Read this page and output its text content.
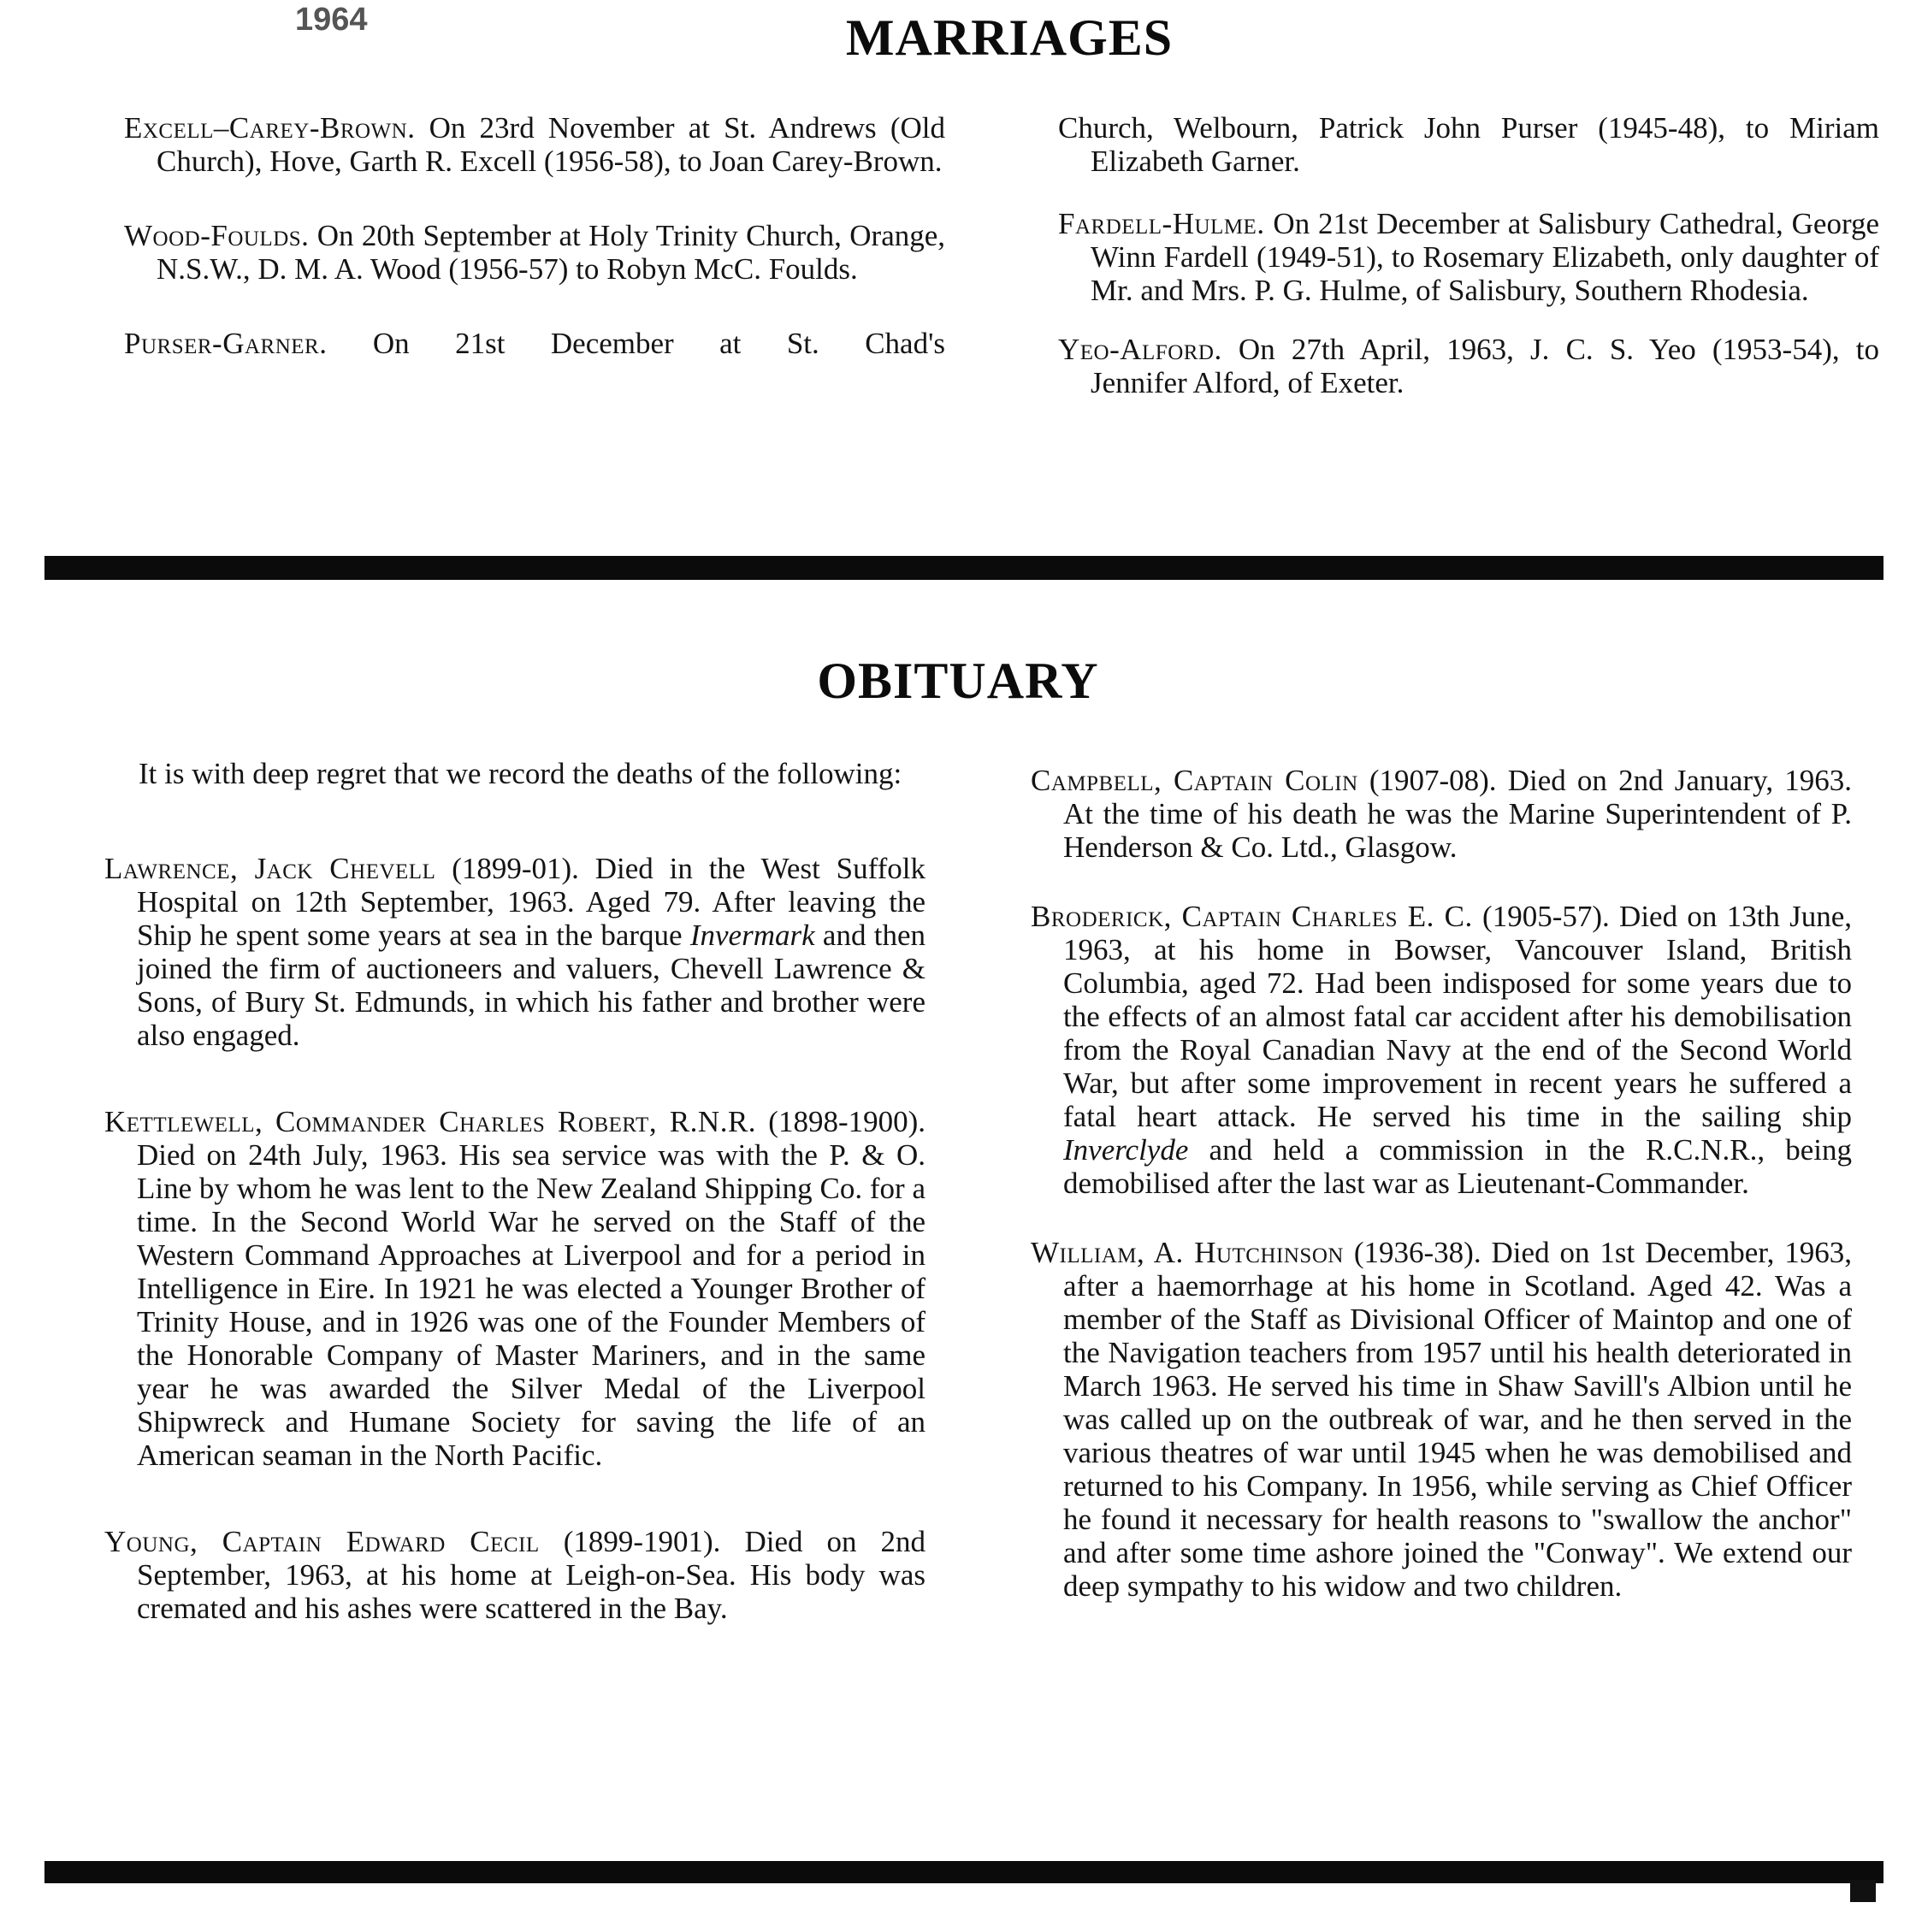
1964	MARRIAGES

Excell–Carey-Brown. On 23rd November at St. Andrews (Old Church), Hove, Garth R. Excell (1956-58), to Joan Carey-Brown.

Wood-Foulds. On 20th September at Holy Trinity Church, Orange, N.S.W., D. M. A. Wood (1956-57) to Robyn McC. Foulds.

Purser-Garner. On 21st December at St. Chad's

Church, Welbourn, Patrick John Purser (1945-48), to Miriam Elizabeth Garner.

Fardell-Hulme. On 21st December at Salisbury Cathedral, George Winn Fardell (1949-51), to Rosemary Elizabeth, only daughter of Mr. and Mrs. P. G. Hulme, of Salisbury, Southern Rhodesia.

Yeo-Alford. On 27th April, 1963, J. C. S. Yeo (1953-54), to Jennifer Alford, of Exeter.

OBITUARY

It is with deep regret that we record the deaths of the following:

Lawrence, Jack Chevell (1899-01). Died in the West Suffolk Hospital on 12th September, 1963. Aged 79. After leaving the Ship he spent some years at sea in the barque Invermark and then joined the firm of auctioneers and valuers, Chevell Lawrence & Sons, of Bury St. Edmunds, in which his father and brother were also engaged.

Kettlewell, Commander Charles Robert, R.N.R. (1898-1900). Died on 24th July, 1963. His sea service was with the P. & O. Line by whom he was lent to the New Zealand Shipping Co. for a time. In the Second World War he served on the Staff of the Western Command Approaches at Liverpool and for a period in Intelligence in Eire. In 1921 he was elected a Younger Brother of Trinity House, and in 1926 was one of the Founder Members of the Honorable Company of Master Mariners, and in the same year he was awarded the Silver Medal of the Liverpool Shipwreck and Humane Society for saving the life of an American seaman in the North Pacific.

Young, Captain Edward Cecil (1899-1901). Died on 2nd September, 1963, at his home at Leigh-on-Sea. His body was cremated and his ashes were scattered in the Bay.

Campbell, Captain Colin (1907-08). Died on 2nd January, 1963. At the time of his death he was the Marine Superintendent of P. Henderson & Co. Ltd., Glasgow.

Broderick, Captain Charles E. C. (1905-57). Died on 13th June, 1963, at his home in Bowser, Vancouver Island, British Columbia, aged 72. Had been indisposed for some years due to the effects of an almost fatal car accident after his demobilisation from the Royal Canadian Navy at the end of the Second World War, but after some improvement in recent years he suffered a fatal heart attack. He served his time in the sailing ship Inverclyde and held a commission in the R.C.N.R., being demobilised after the last war as Lieutenant-Commander.

William, A. Hutchinson (1936-38). Died on 1st December, 1963, after a haemorrhage at his home in Scotland. Aged 42. Was a member of the Staff as Divisional Officer of Maintop and one of the Navigation teachers from 1957 until his health deteriorated in March 1963. He served his time in Shaw Savill's Albion until he was called up on the outbreak of war, and he then served in the various theatres of war until 1945 when he was demobilised and returned to his Company. In 1956, while serving as Chief Officer he found it necessary for health reasons to "swallow the anchor" and after some time ashore joined the "Conway". We extend our deep sympathy to his widow and two children.
